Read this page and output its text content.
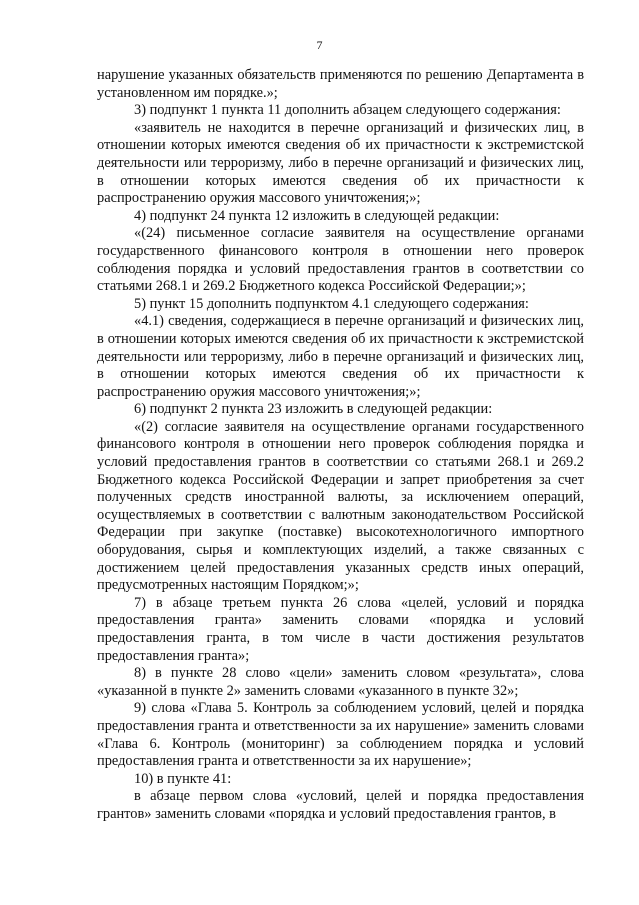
7

нарушение указанных обязательств применяются по решению Департамента в установленном им порядке.»;

3) подпункт 1 пункта 11 дополнить абзацем следующего содержания:

«заявитель не находится в перечне организаций и физических лиц, в отношении которых имеются сведения об их причастности к экстремистской деятельности или терроризму, либо в перечне организаций и физических лиц, в отношении которых имеются сведения об их причастности к распространению оружия массового уничтожения;»;

4) подпункт 24 пункта 12 изложить в следующей редакции:

«(24) письменное согласие заявителя на осуществление органами государственного финансового контроля в отношении него проверок соблюдения порядка и условий предоставления грантов в соответствии со статьями 268.1 и 269.2 Бюджетного кодекса Российской Федерации;»;

5) пункт 15 дополнить подпунктом 4.1 следующего содержания:

«4.1) сведения, содержащиеся в перечне организаций и физических лиц, в отношении которых имеются сведения об их причастности к экстремистской деятельности или терроризму, либо в перечне организаций и физических лиц, в отношении которых имеются сведения об их причастности к распространению оружия массового уничтожения;»;

6) подпункт 2 пункта 23 изложить в следующей редакции:

«(2) согласие заявителя на осуществление органами государственного финансового контроля в отношении него проверок соблюдения порядка и условий предоставления грантов в соответствии со статьями 268.1 и 269.2 Бюджетного кодекса Российской Федерации и запрет приобретения за счет полученных средств иностранной валюты, за исключением операций, осуществляемых в соответствии с валютным законодательством Российской Федерации при закупке (поставке) высокотехнологичного импортного оборудования, сырья и комплектующих изделий, а также связанных с достижением целей предоставления указанных средств иных операций, предусмотренных настоящим Порядком;»;

7) в абзаце третьем пункта 26 слова «целей, условий и порядка предоставления гранта» заменить словами «порядка и условий предоставления гранта, в том числе в части достижения результатов предоставления гранта»;

8) в пункте 28 слово «цели» заменить словом «результата», слова «указанной в пункте 2» заменить словами «указанного в пункте 32»;

9) слова «Глава 5. Контроль за соблюдением условий, целей и порядка предоставления гранта и ответственности за их нарушение» заменить словами «Глава 6. Контроль (мониторинг) за соблюдением порядка и условий предоставления гранта и ответственности за их нарушение»;

10) в пункте 41:

в абзаце первом слова «условий, целей и порядка предоставления грантов» заменить словами «порядка и условий предоставления грантов, в
